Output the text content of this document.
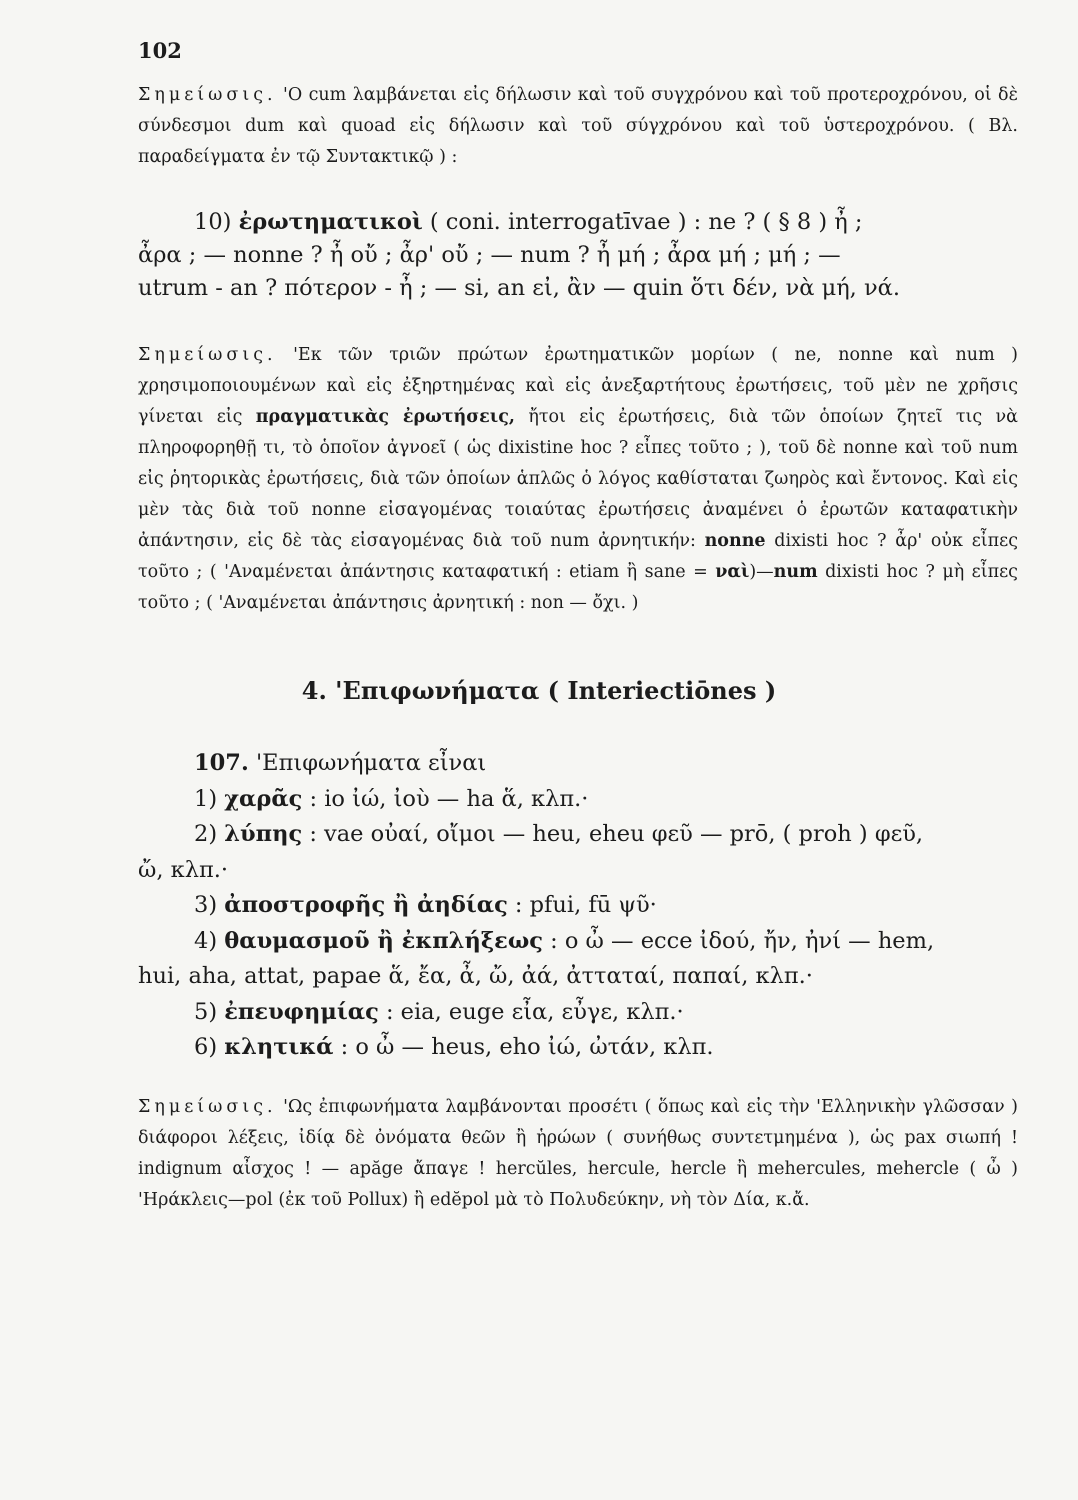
102
Σημείωσις. 'Ο cum λαμβάνεται εἰς δήλωσιν καὶ τοῦ συγχρόνου καὶ τοῦ προτεροχρόνου, οἱ δὲ σύνδεσμοι dum καὶ quoad εἰς δήλωσιν καὶ τοῦ σύγχρόνου καὶ τοῦ ὑστεροχρόνου. ( Βλ. παραδείγματα ἐν τῷ Συντακτικῷ ) :
10) ἐρωτηματικοὶ ( coni. interrogatīvae ) : ne ? ( § 8 ) ἦ ;
ἆρα ; — nonne ? ἦ οὔ ; ἆρ' οὔ ; — num ? ἦ μή ; ἆρα μή ; μή ; —
utrum - an ? πότερον - ἦ ; — si, an εἰ, ἂν — quin ὅτι δέν, νὰ μή, νά.
Σημείωσις. 'Εκ τῶν τριῶν πρώτων ἐρωτηματικῶν μορίων ( ne, nonne καὶ num ) χρησιμοποιουμένων καὶ εἰς ἐξηρτημένας καὶ εἰς ἀνεξαρτήτους ἐρωτήσεις, τοῦ μὲν ne χρῆσις γίνεται εἰς πραγματικὰς ἐρωτήσεις, ἤτοι εἰς ἐρωτήσεις, διὰ τῶν ὁποίων ζητεῖ τις νὰ πληροφορηθῇ τι, τὸ ὁποῖον ἀγνοεῖ ( ὡς dixistine hoc ? εἶπες τοῦτο ; ), τοῦ δὲ nonne καὶ τοῦ num εἰς ῥητορικὰς ἐρωτήσεις, διὰ τῶν ὁποίων ἁπλῶς ὁ λόγος καθίσταται ζωηρὸς καὶ ἔντονος. Καὶ εἰς μὲν τὰς διὰ τοῦ nonne εἰσαγομένας τοιαύτας ἐρωτήσεις ἀναμένει ὁ ἐρωτῶν καταφατικὴν ἀπάντησιν, εἰς δὲ τὰς εἰσαγομένας διὰ τοῦ num ἀρνητικήν: nonne dixisti hoc ? ἆρ' οὐκ εἶπες τοῦτο ; ( 'Αναμένεται ἀπάντησις καταφατική : etiam ἢ sane = ναὶ)—num dixisti hoc ? μὴ εἶπες τοῦτο ; ( 'Αναμένεται ἀπάντησις ἀρνητική : non — ὄχι. )
4. 'Επιφωνήματα ( Interiectiōnes )
107. 'Επιφωνήματα εἶναι
1) χαρᾶς : io ἰώ, ἰοὺ — ha ἅ, κλπ.·
2) λύπης : vae οὐαί, οἴμοι — heu, eheu φεῦ — prō, ( proh ) φεῦ,
ὤ, κλπ.·
3) ἀποστροφῆς ἢ ἀηδίας : pfui, fū ψῦ·
4) θαυμασμοῦ ἢ ἐκπλήξεως : o ὦ — ecce ἰδού, ἤν, ἠνί — hem,
hui, aha, attat, papae ἅ, ἔα, ἆ, ὤ, ἀά, ἀτταταί, παπαί, κλπ.·
5) ἐπευφημίας : eia, euge εἶα, εὖγε, κλπ.·
6) κλητικά : o ὦ — heus, eho ἰώ, ὠτάν, κλπ.
Σημείωσις. 'Ως ἐπιφωνήματα λαμβάνονται προσέτι ( ὅπως καὶ εἰς τὴν 'Ελληνικὴν γλῶσσαν ) διάφοροι λέξεις, ἰδίᾳ δὲ ὀνόματα θεῶν ἢ ἡρώων ( συνήθως συντετμημένα ), ὡς pax σιωπή ! indignum αἶσχος ! — apăge ἄπαγε ! hercŭles, hercule, hercle ἢ mehercules, mehercle ( ὦ ) 'Ηράκλεις—pol (ἐκ τοῦ Pollux) ἢ edĕpol μὰ τὸ Πολυδεύκην, νὴ τὸν Δία, κ.ἄ.
